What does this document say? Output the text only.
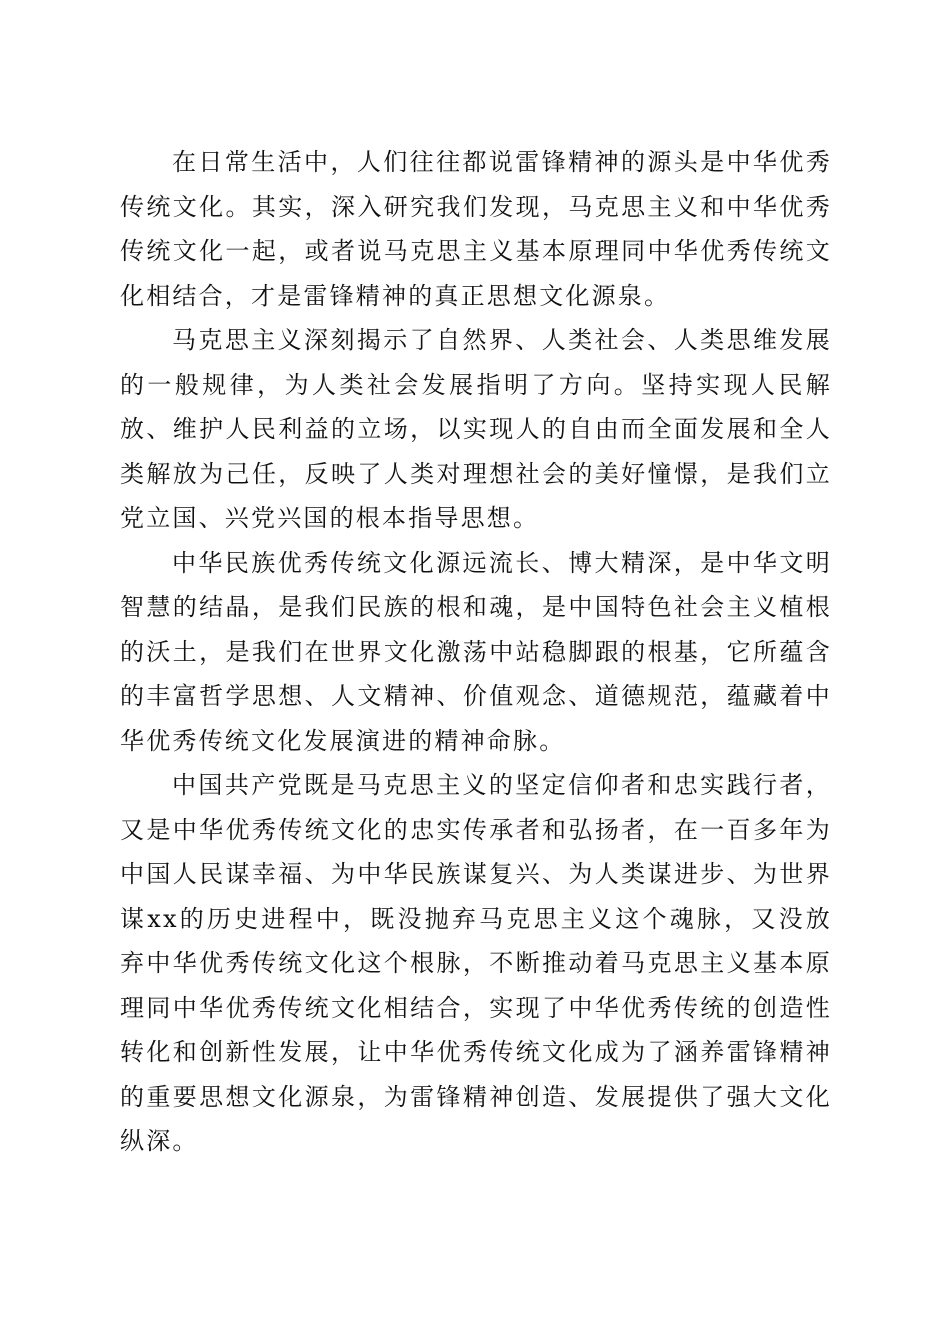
在日常生活中，人们往往都说雷锋精神的源头是中华优秀传统文化。其实，深入研究我们发现，马克思主义和中华优秀传统文化一起，或者说马克思主义基本原理同中华优秀传统文化相结合，才是雷锋精神的真正思想文化源泉。

马克思主义深刻揭示了自然界、人类社会、人类思维发展的一般规律，为人类社会发展指明了方向。坚持实现人民解放、维护人民利益的立场，以实现人的自由而全面发展和全人类解放为己任，反映了人类对理想社会的美好憧憬，是我们立党立国、兴党兴国的根本指导思想。

中华民族优秀传统文化源远流长、博大精深，是中华文明智慧的结晶，是我们民族的根和魂，是中国特色社会主义植根的沃土，是我们在世界文化激荡中站稳脚跟的根基，它所蕴含的丰富哲学思想、人文精神、价值观念、道德规范，蕴藏着中华优秀传统文化发展演进的精神命脉。

中国共产党既是马克思主义的坚定信仰者和忠实践行者，又是中华优秀传统文化的忠实传承者和弘扬者，在一百多年为中国人民谋幸福、为中华民族谋复兴、为人类谋进步、为世界谋xx的历史进程中，既没抛弃马克思主义这个魂脉，又没放弃中华优秀传统文化这个根脉，不断推动着马克思主义基本原理同中华优秀传统文化相结合，实现了中华优秀传统的创造性转化和创新性发展，让中华优秀传统文化成为了涵养雷锋精神的重要思想文化源泉，为雷锋精神创造、发展提供了强大文化纵深。
